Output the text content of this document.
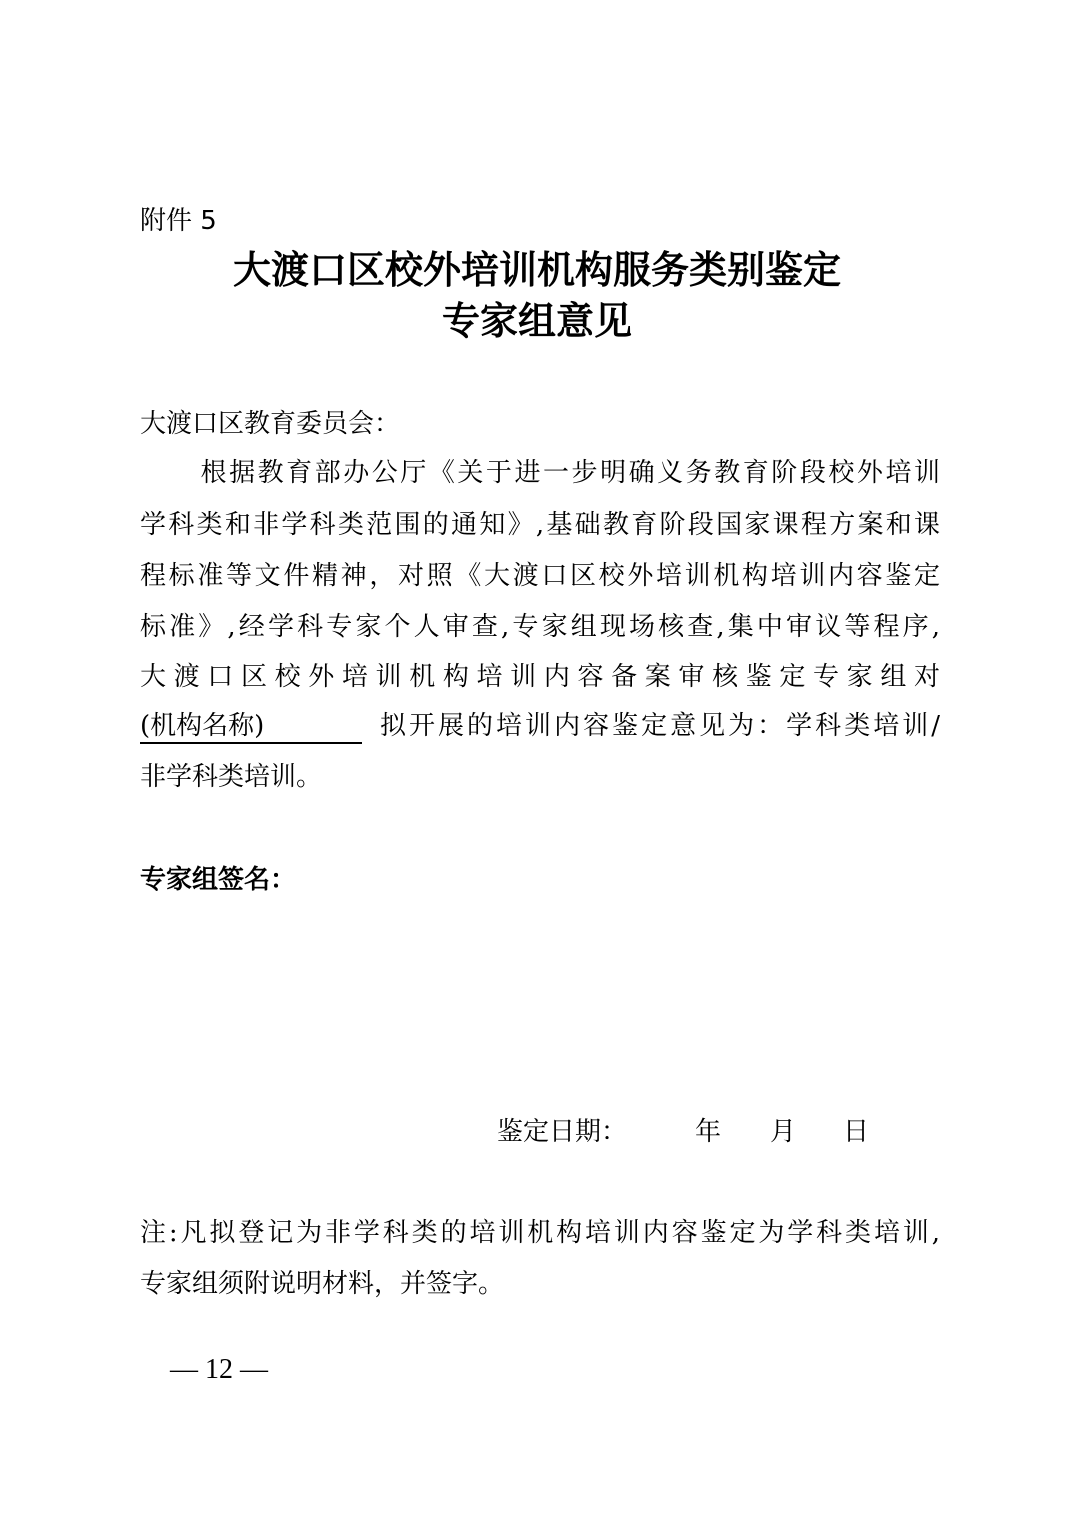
附件 5
大渡口区校外培训机构服务类别鉴定
专家组意见
大渡口区教育委员会：
根据教育部办公厅《关于进一步明确义务教育阶段校外培训
学科类和非学科类范围的通知》,基础教育阶段国家课程方案和课
程标准等文件精神，对照《大渡口区校外培训机构培训内容鉴定
标准》,经学科专家个人审查,专家组现场核查,集中审议等程序,
大渡口区校外培训机构培训内容备案审核鉴定专家组对
(机构名称)	拟开展的培训内容鉴定意见为：学科类培训/
非学科类培训。
专家组签名：
鉴定日期：	年 月 日
注:凡拟登记为非学科类的培训机构培训内容鉴定为学科类培训,
专家组须附说明材料，并签字。
— 12 —
